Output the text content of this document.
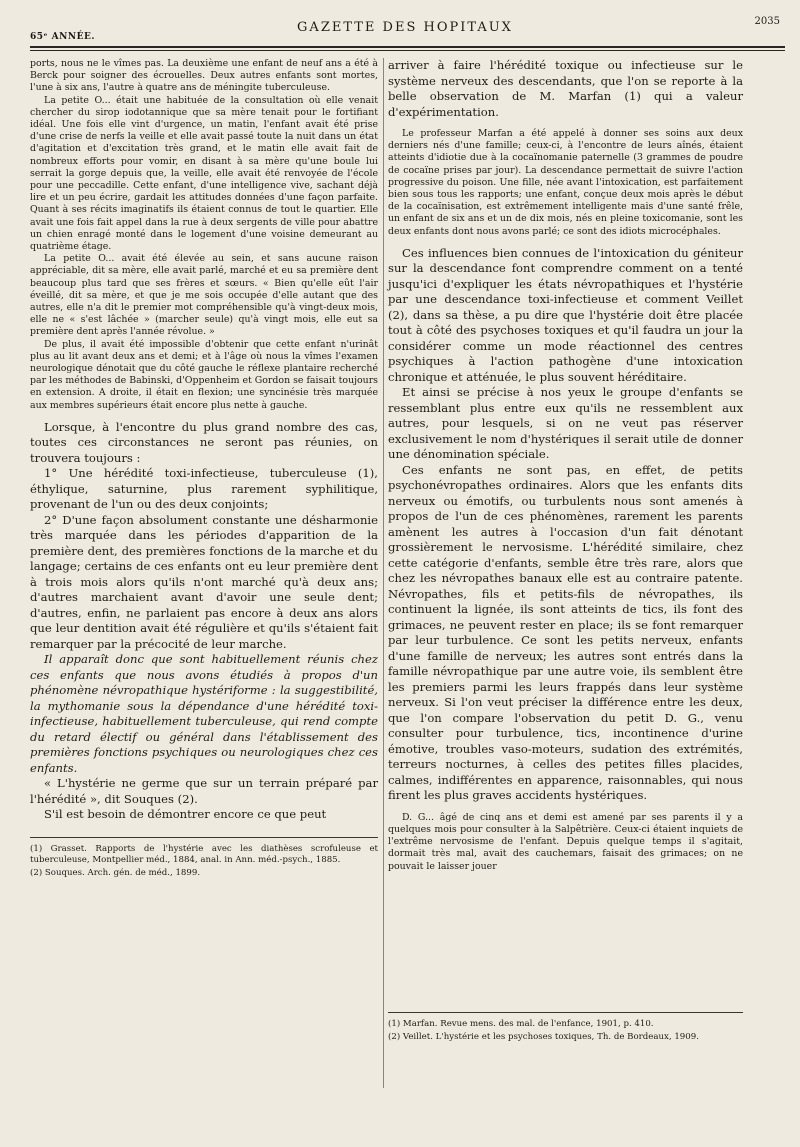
65ᵉ ANNÉE.
GAZETTE DES HOPITAUX	2035

ports, nous ne le vîmes pas. La deuxième une enfant de neuf ans a été à Berck pour soigner des écrouelles. Deux autres enfants sont mortes, l'une à six ans, l'autre à quatre ans de méningite tuberculeuse.

La petite O... était une habituée de la consultation où elle venait chercher du sirop iodotannique que sa mère tenait pour le fortifiant idéal. Une fois elle vint d'urgence, un matin, l'enfant avait été prise d'une crise de nerfs la veille et elle avait passé toute la nuit dans un état d'agitation et d'excitation très grand, et le matin elle avait fait de nombreux efforts pour vomir, en disant à sa mère qu'une boule lui serrait la gorge depuis que, la veille, elle avait été renvoyée de l'école pour une peccadille. Cette enfant, d'une intelligence vive, sachant déjà lire et un peu écrire, gardait les attitudes données d'une façon parfaite. Quant à ses récits imaginatifs ils étaient connus de tout le quartier. Elle avait une fois fait appel dans la rue à deux sergents de ville pour abattre un chien enragé monté dans le logement d'une voisine demeurant au quatrième étage.

La petite O... avait été élevée au sein, et sans aucune raison appréciable, dit sa mère, elle avait parlé, marché et eu sa première dent beaucoup plus tard que ses frères et sœurs. « Bien qu'elle eût l'air éveillé, dit sa mère, et que je me sois occupée d'elle autant que des autres, elle n'a dit le premier mot compréhensible qu'à vingt-deux mois, elle ne « s'est lâchée » (marcher seule) qu'à vingt mois, elle eut sa première dent après l'année révolue. »

De plus, il avait été impossible d'obtenir que cette enfant n'urinât plus au lit avant deux ans et demi; et à l'âge où nous la vîmes l'examen neurologique dénotait que du côté gauche le réflexe plantaire recherché par les méthodes de Babinski, d'Oppenheim et Gordon se faisait toujours en extension. A droite, il était en flexion; une syncinésie très marquée aux membres supérieurs était encore plus nette à gauche.

Lorsque, à l'encontre du plus grand nombre des cas, toutes ces circonstances ne seront pas réunies, on trouvera toujours :

1° Une hérédité toxi-infectieuse, tuberculeuse (1), éthylique, saturnine, plus rarement syphilitique, provenant de l'un ou des deux conjoints;

2° D'une façon absolument constante une désharmonie très marquée dans les périodes d'apparition de la première dent, des premières fonctions de la marche et du langage; certains de ces enfants ont eu leur première dent à trois mois alors qu'ils n'ont marché qu'à deux ans; d'autres marchaient avant d'avoir une seule dent; d'autres, enfin, ne parlaient pas encore à deux ans alors que leur dentition avait été régulière et qu'ils s'étaient fait remarquer par la précocité de leur marche.

Il apparaît donc que sont habituellement réunis chez ces enfants que nous avons étudiés à propos d'un phénomène névropathique hystériforme : la suggestibilité, la mythomanie sous la dépendance d'une hérédité toxi-infectieuse, habituellement tuberculeuse, qui rend compte du retard électif ou général dans l'établissement des premières fonctions psychiques ou neurologiques chez ces enfants.

« L'hystérie ne germe que sur un terrain préparé par l'hérédité », dit Souques (2).

S'il est besoin de démontrer encore ce que peut

(1) Grasset. Rapports de l'hystérie avec les diathèses scrofuleuse et tuberculeuse, Montpellier méd., 1884, anal. in Ann. méd.-psych., 1885.

(2) Souques. Arch. gén. de méd., 1899.

arriver à faire l'hérédité toxique ou infectieuse sur le système nerveux des descendants, que l'on se reporte à la belle observation de M. Marfan (1) qui a valeur d'expérimentation.

Le professeur Marfan a été appelé à donner ses soins aux deux derniers nés d'une famille; ceux-ci, à l'encontre de leurs aînés, étaient atteints d'idiotie due à la cocaïnomanie paternelle (3 grammes de poudre de cocaïne prises par jour). La descendance permettait de suivre l'action progressive du poison. Une fille, née avant l'intoxication, est parfaitement bien sous tous les rapports; une enfant, conçue deux mois après le début de la cocaïnisation, est extrêmement intelligente mais d'une santé frêle, un enfant de six ans et un de dix mois, nés en pleine toxicomanie, sont les deux enfants dont nous avons parlé; ce sont des idiots microcéphales.

Ces influences bien connues de l'intoxication du géniteur sur la descendance font comprendre comment on a tenté jusqu'ici d'expliquer les états névropathiques et l'hystérie par une descendance toxi-infectieuse et comment Veillet (2), dans sa thèse, a pu dire que l'hystérie doit être placée tout à côté des psychoses toxiques et qu'il faudra un jour la considérer comme un mode réactionnel des centres psychiques à l'action pathogène d'une intoxication chronique et atténuée, le plus souvent héréditaire.

Et ainsi se précise à nos yeux le groupe d'enfants se ressemblant plus entre eux qu'ils ne ressemblent aux autres, pour lesquels, si on ne veut pas réserver exclusivement le nom d'hystériques il serait utile de donner une dénomination spéciale.

Ces enfants ne sont pas, en effet, de petits psychonévropathes ordinaires. Alors que les enfants dits nerveux ou émotifs, ou turbulents nous sont amenés à propos de l'un de ces phénomènes, rarement les parents amènent les autres à l'occasion d'un fait dénotant grossièrement le nervosisme. L'hérédité similaire, chez cette catégorie d'enfants, semble être très rare, alors que chez les névropathes banaux elle est au contraire patente. Névropathes, fils et petits-fils de névropathes, ils continuent la lignée, ils sont atteints de tics, ils font des grimaces, ne peuvent rester en place; ils se font remarquer par leur turbulence. Ce sont les petits nerveux, enfants d'une famille de nerveux; les autres sont entrés dans la famille névropathique par une autre voie, ils semblent être les premiers parmi les leurs frappés dans leur système nerveux. Si l'on veut préciser la différence entre les deux, que l'on compare l'observation du petit D. G., venu consulter pour turbulence, tics, incontinence d'urine émotive, troubles vaso-moteurs, sudation des extrémités, terreurs nocturnes, à celles des petites filles placides, calmes, indifférentes en apparence, raisonnables, qui nous firent les plus graves accidents hystériques.

D. G... âgé de cinq ans et demi est amené par ses parents il y a quelques mois pour consulter à la Salpêtrière. Ceux-ci étaient inquiets de l'extrême nervosisme de l'enfant. Depuis quelque temps il s'agitait, dormait très mal, avait des cauchemars, faisait des grimaces; on ne pouvait le laisser jouer

(1) Marfan. Revue mens. des mal. de l'enfance, 1901, p. 410.

(2) Veillet. L'hystérie et les psychoses toxiques, Th. de Bordeaux, 1909.
